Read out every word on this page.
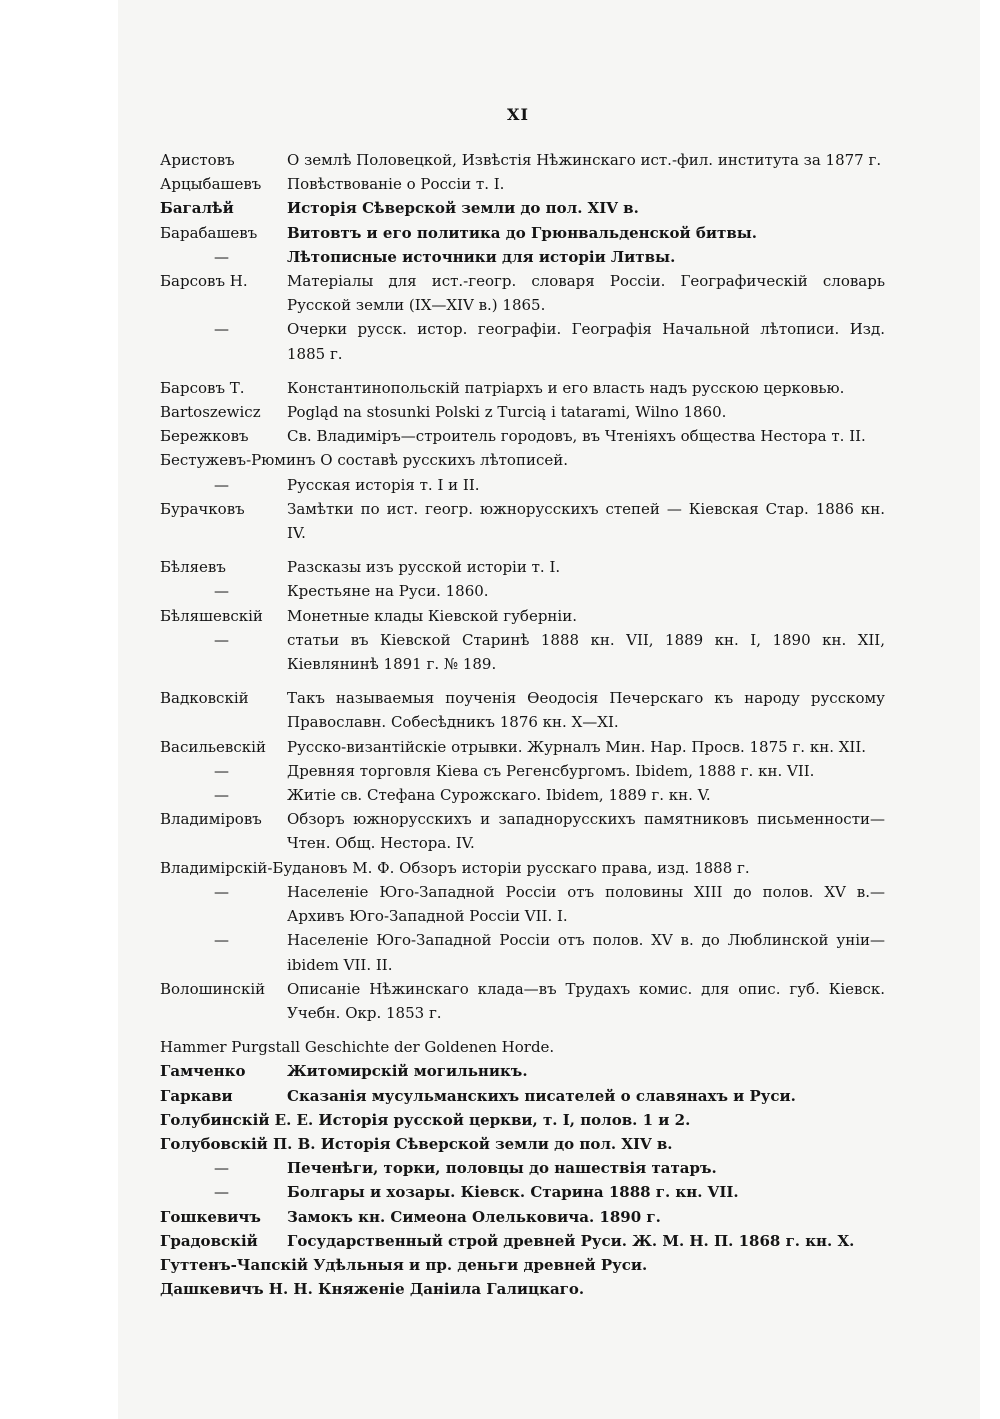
XI
Аристовъ	О землѣ Половецкой, Извѣстія Нѣжинскаго ист.-фил. института за 1877 г.
Арцыбашевъ Повѣствованіе о Россіи т. I.
Багалѣй	Исторія Сѣверской земли до пол. XIV в.
Барабашевъ Витовтъ и его политика до Грюнвальденской битвы.
—	Лѣтописные источники для исторіи Литвы.
Барсовъ Н.	Матеріалы для ист.-геогр. словаря Россіи. Географическій словарь Русской земли (IX—XIV в.) 1865.
—	Очерки русск. истор. географіи. Географія Начальной лѣтописи. Изд. 1885 г.
Барсовъ Т.	Константинопольскій патріархъ и его власть надъ русскою церковью.
Bartoszewicz Pogląd na stosunki Polski z Turcią i tatarami, Wilno 1860.
Бережковъ	Св. Владиміръ—строитель городовъ, въ Чтеніяхъ общества Нестора т. II.
Бестужевъ-Рюминъ О составѣ русскихъ лѣтописей.
—	Русская исторія т. I и II.
Бурачковъ	Замѣтки по ист. геогр. южнорусскихъ степей — Кіевская Стар. 1886 кн. IV.
Бѣляевъ	Разсказы изъ русской исторіи т. I.
—	Крестьяне на Руси. 1860.
Бѣляшевскій Монетные клады Кіевской губерніи.
—	статьи въ Кіевской Старинѣ 1888 кн. VII, 1889 кн. I, 1890 кн. XII, Кіевлянинѣ 1891 г. № 189.
Вадковскій	Такъ называемыя поученія Ѳеодосія Печерскаго къ народу русскому Православн. Собесѣдникъ 1876 кн. X—XI.
Васильевскій Русско-византійскіе отрывки. Журналъ Мин. Нар. Просв. 1875 г. кн. XII.
—	Древняя торговля Кіева съ Регенсбургомъ. Ibidem, 1888 г. кн. VII.
—	Житіе св. Стефана Сурожскаго. Ibidem, 1889 г. кн. V.
Владиміровъ Обзоръ южнорусскихъ и западнорусскихъ памятниковъ письменности— Чтен. Общ. Нестора. IV.
Владимірскій-Будановъ М. Ф. Обзоръ исторіи русскаго права, изд. 1888 г.
—	Населеніе Юго-Западной Россіи отъ половины XIII до полов. XV в.— Архивъ Юго-Западной Россіи VII. I.
—	Населеніе Юго-Западной Россіи отъ полов. XV в. до Люблинской уніи— ibidem VII. II.
Волошинскій Описаніе Нѣжинскаго клада—въ Трудахъ комис. для опис. губ. Кіевск. Учебн. Окр. 1853 г.
Hammer Purgstall Geschichte der Goldenen Horde.
Гамченко	Житомирскій могильникъ.
Гаркави	Сказанія мусульманскихъ писателей о славянахъ и Руси.
Голубинскій Е. Е. Исторія русской церкви, т. I, полов. 1 и 2.
Голубовскій П. В. Исторія Сѣверской земли до пол. XIV в.
—	Печенѣги, торки, половцы до нашествія татаръ.
—	Болгары и хозары. Кіевск. Старина 1888 г. кн. VII.
Гошкевичъ Замокъ кн. Симеона Олельковича. 1890 г.
Градовскій Государственный строй древней Руси. Ж. М. Н. П. 1868 г. кн. X.
Гуттенъ-Чапскій Удѣльныя и пр. деньги древней Руси.
Дашкевичъ Н. Н. Княженіе Даніила Галицкаго.
